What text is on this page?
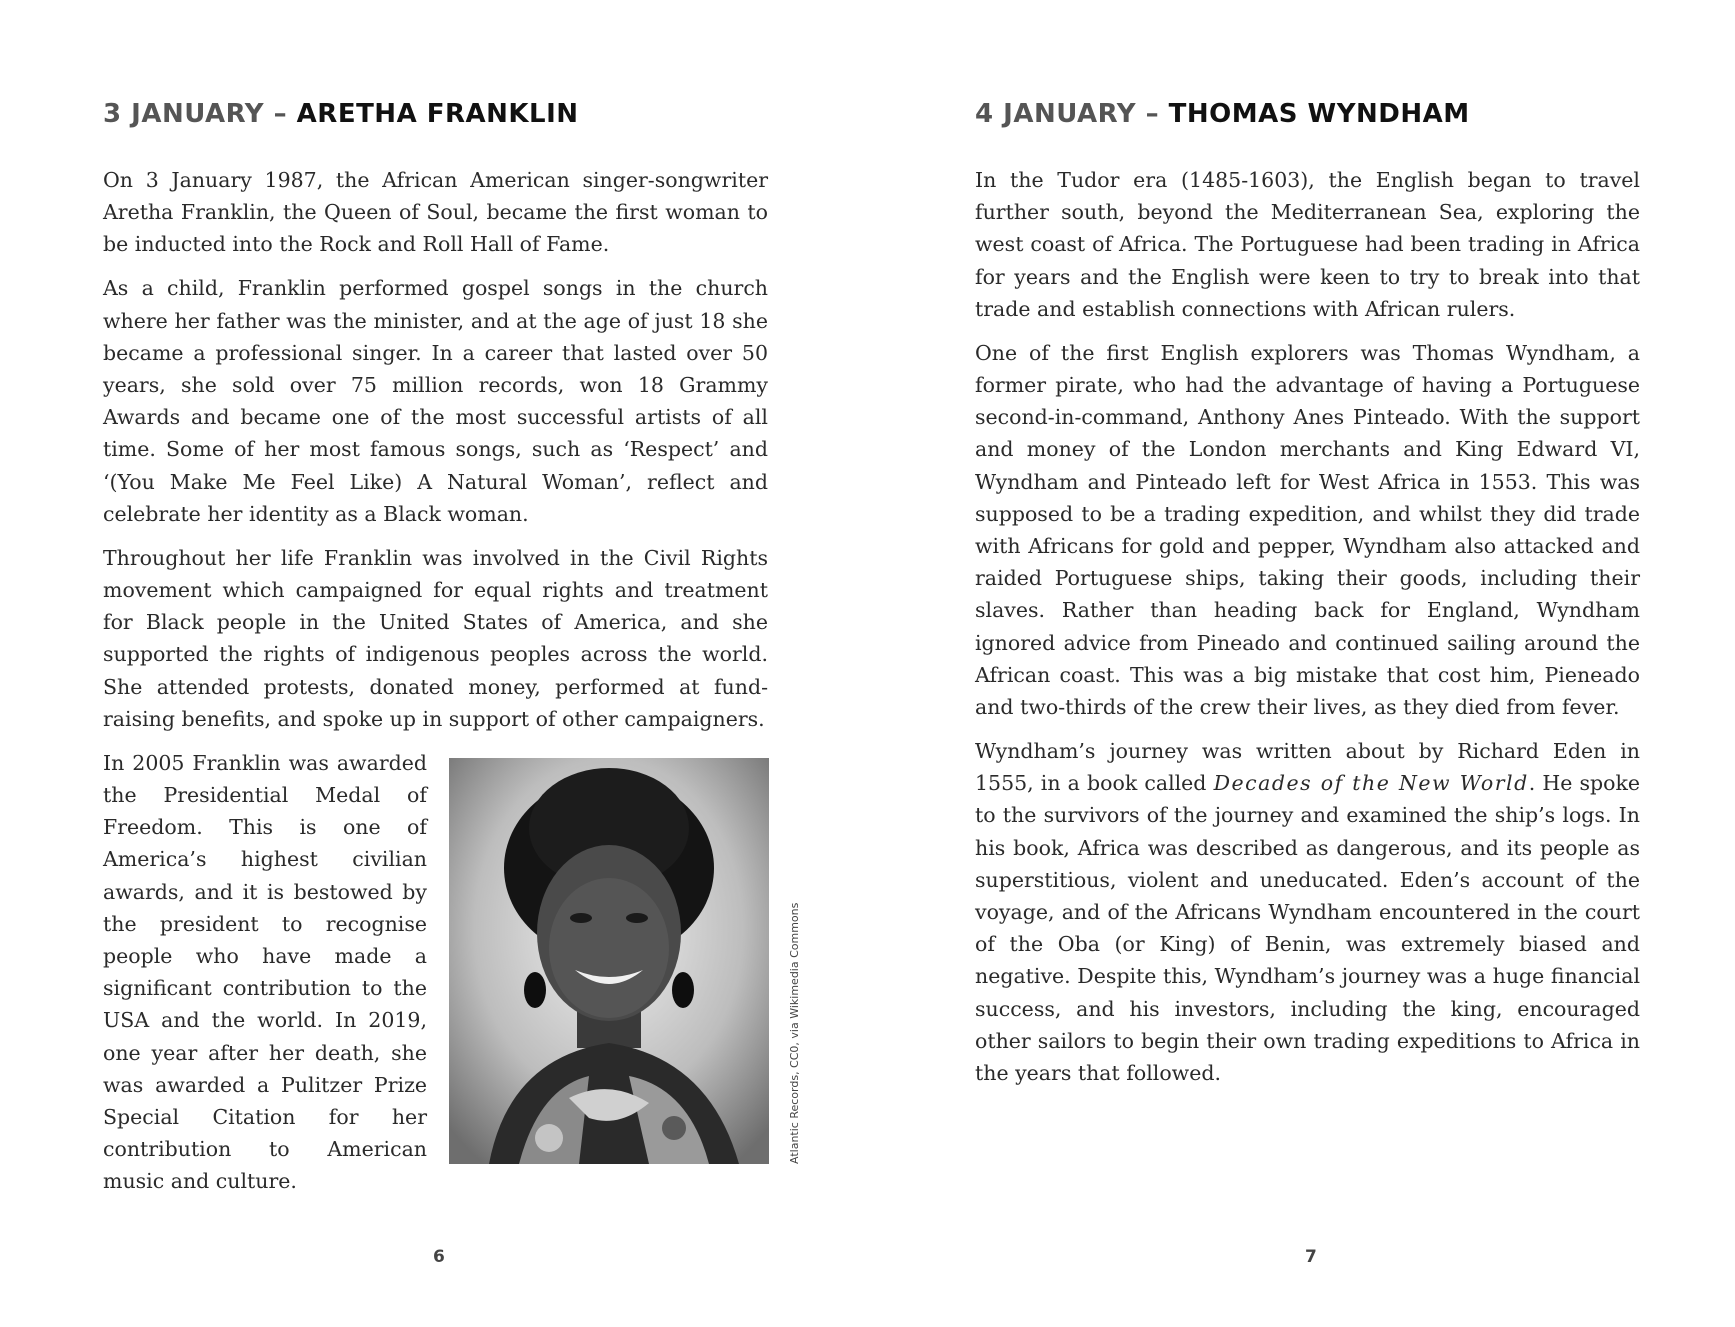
3 JANUARY – ARETHA FRANKLIN

On 3 January 1987, the African American singer-songwriter Aretha Franklin, the Queen of Soul, became the first woman to be inducted into the Rock and Roll Hall of Fame.

As a child, Franklin performed gospel songs in the church where her father was the minister, and at the age of just 18 she became a professional singer. In a career that lasted over 50 years, she sold over 75 million records, won 18 Grammy Awards and became one of the most successful artists of all time. Some of her most famous songs, such as ‘Respect’ and ‘(You Make Me Feel Like) A Natural Woman’, reflect and celebrate her identity as a Black woman.

Throughout her life Franklin was involved in the Civil Rights movement which campaigned for equal rights and treatment for Black people in the United States of America, and she supported the rights of indigenous peoples across the world. She attended protests, donated money, performed at fund-raising benefits, and spoke up in support of other campaigners.

Atlantic Records, CC0, via Wikimedia Commons

In 2005 Franklin was awarded the Presidential Medal of Freedom. This is one of America’s highest civilian awards, and it is bestowed by the president to recognise people who have made a significant contribution to the USA and the world. In 2019, one year after her death, she was awarded a Pulitzer Prize Special Citation for her contribution to American music and culture.

6
4 JANUARY – THOMAS WYNDHAM

In the Tudor era (1485-1603), the English began to travel further south, beyond the Mediterranean Sea, exploring the west coast of Africa. The Portuguese had been trading in Africa for years and the English were keen to try to break into that trade and establish connections with African rulers.

One of the first English explorers was Thomas Wyndham, a former pirate, who had the advantage of having a Portuguese second-in-command, Anthony Anes Pinteado. With the support and money of the London merchants and King Edward VI, Wyndham and Pinteado left for West Africa in 1553. This was supposed to be a trading expedition, and whilst they did trade with Africans for gold and pepper, Wyndham also attacked and raided Portuguese ships, taking their goods, including their slaves. Rather than heading back for England, Wyndham ignored advice from Pineado and continued sailing around the African coast. This was a big mistake that cost him, Pieneado and two-thirds of the crew their lives, as they died from fever.

Wyndham’s journey was written about by Richard Eden in 1555, in a book called Decades of the New World. He spoke to the survivors of the journey and examined the ship’s logs. In his book, Africa was described as dangerous, and its people as superstitious, violent and uneducated. Eden’s account of the voyage, and of the Africans Wyndham encountered in the court of the Oba (or King) of Benin, was extremely biased and negative. Despite this, Wyndham’s journey was a huge financial success, and his investors, including the king, encouraged other sailors to begin their own trading expeditions to Africa in the years that followed.

7
